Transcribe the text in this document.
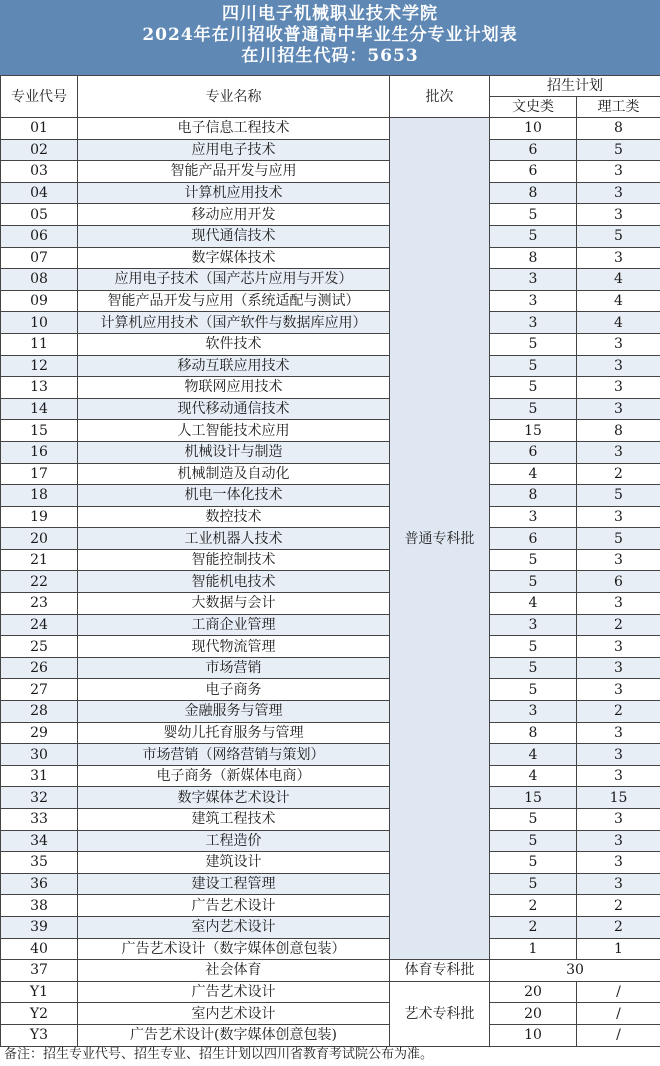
四川电子机械职业技术学院
2024年在川招收普通高中毕业生分专业计划表
在川招生代码：5653
专业代号	专业名称	批次	招生计划	
			文史类	理工类
01	电子信息工程技术	普通专科批	10	8
02	应用电子技术		6	5
03	智能产品开发与应用		6	3
04	计算机应用技术		8	3
05	移动应用开发		5	3
06	现代通信技术		5	5
07	数字媒体技术		8	3
08	应用电子技术（国产芯片应用与开发）		3	4
09	智能产品开发与应用（系统适配与测试）		3	4
10	计算机应用技术（国产软件与数据库应用）		3	4
11	软件技术		5	3
12	移动互联应用技术		5	3
13	物联网应用技术		5	3
14	现代移动通信技术		5	3
15	人工智能技术应用		15	8
16	机械设计与制造		6	3
17	机械制造及自动化		4	2
18	机电一体化技术		8	5
19	数控技术		3	3
20	工业机器人技术		6	5
21	智能控制技术		5	3
22	智能机电技术		5	6
23	大数据与会计		4	3
24	工商企业管理		3	2
25	现代物流管理		5	3
26	市场营销		5	3
27	电子商务		5	3
28	金融服务与管理		3	2
29	婴幼儿托育服务与管理		8	3
30	市场营销（网络营销与策划）		4	3
31	电子商务（新媒体电商）		4	3
32	数字媒体艺术设计		15	15
33	建筑工程技术		5	3
34	工程造价		5	3
35	建筑设计		5	3
36	建设工程管理		5	3
38	广告艺术设计		2	2
39	室内艺术设计		2	2
40	广告艺术设计（数字媒体创意包装）		1	1
37	社会体育	体育专科批	30	
Y1	广告艺术设计	艺术专科批	20	/
Y2	室内艺术设计		20	/
Y3	广告艺术设计(数字媒体创意包装)		10	/
备注：招生专业代号、招生专业、招生计划以四川省教育考试院公布为准。
